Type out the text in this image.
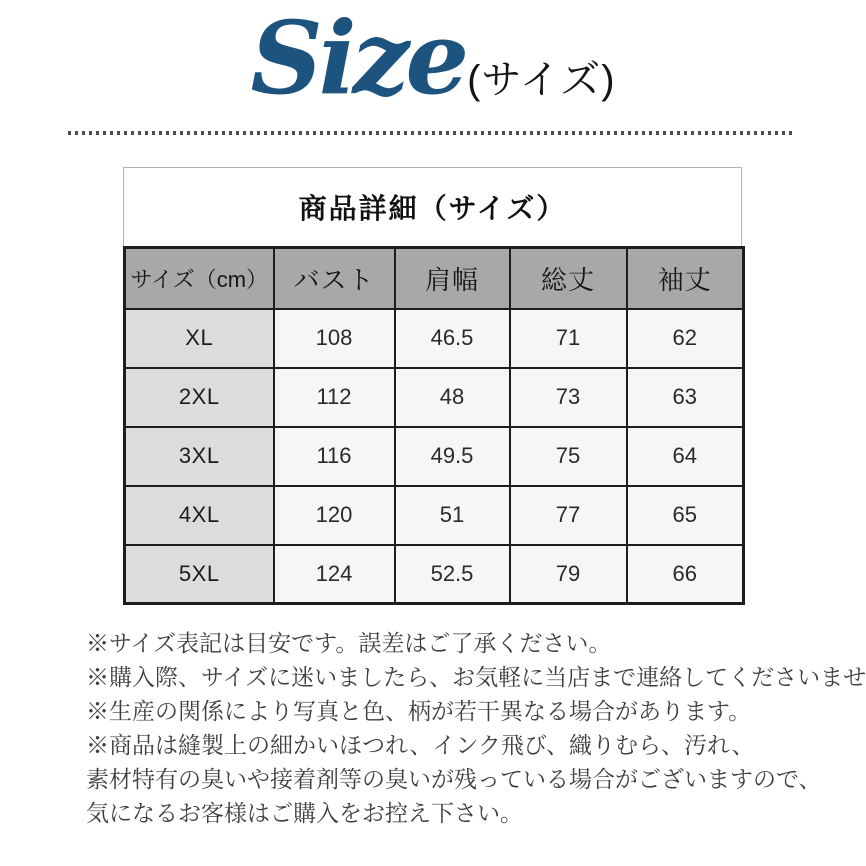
Size (サイズ)
商品詳細（サイズ）
サイズ（cm）	バスト	肩幅	総丈	袖丈
XL	108	46.5	71	62
2XL	112	48	73	63
3XL	116	49.5	75	64
4XL	120	51	77	65
5XL	124	52.5	79	66
※サイズ表記は目安です。誤差はご了承ください。
※購入際、サイズに迷いましたら、お気軽に当店まで連絡してくださいませ
※生産の関係により写真と色、柄が若干異なる場合があります。
※商品は縫製上の細かいほつれ、インク飛び、織りむら、汚れ、
素材特有の臭いや接着剤等の臭いが残っている場合がございますので、
気になるお客様はご購入をお控え下さい。
